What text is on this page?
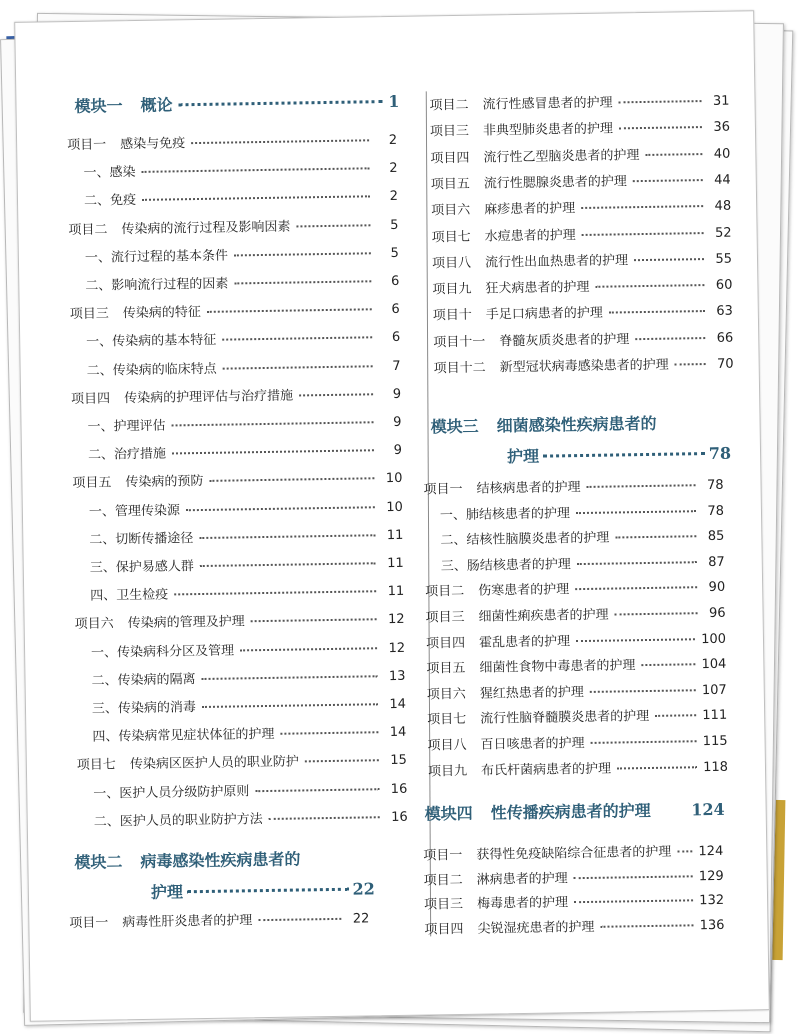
模块一 概论	1
项目一 感染与免疫	2
一、感染	2
二、免疫	2
项目二 传染病的流行过程及影响因素	5
一、流行过程的基本条件	5
二、影响流行过程的因素	6
项目三 传染病的特征	6
一、传染病的基本特征	6
二、传染病的临床特点	7
项目四 传染病的护理评估与治疗措施	9
一、护理评估	9
二、治疗措施	9
项目五 传染病的预防	10
一、管理传染源	10
二、切断传播途径	11
三、保护易感人群	11
四、卫生检疫	11
项目六 传染病的管理及护理	12
一、传染病科分区及管理	12
二、传染病的隔离	13
三、传染病的消毒	14
四、传染病常见症状体征的护理	14
项目七 传染病区医护人员的职业防护	15
一、医护人员分级防护原则	16
二、医护人员的职业防护方法	16
模块二 病毒感染性疾病患者的
护理	22
项目一 病毒性肝炎患者的护理	22
项目二 流行性感冒患者的护理	31
项目三 非典型肺炎患者的护理	36
项目四 流行性乙型脑炎患者的护理	40
项目五 流行性腮腺炎患者的护理	44
项目六 麻疹患者的护理	48
项目七 水痘患者的护理	52
项目八 流行性出血热患者的护理	55
项目九 狂犬病患者的护理	60
项目十 手足口病患者的护理	63
项目十一 脊髓灰质炎患者的护理	66
项目十二 新型冠状病毒感染患者的护理	70
模块三 细菌感染性疾病患者的
护理	78
项目一 结核病患者的护理	78
一、肺结核患者的护理	78
二、结核性脑膜炎患者的护理	85
三、肠结核患者的护理	87
项目二 伤寒患者的护理	90
项目三 细菌性痢疾患者的护理	96
项目四 霍乱患者的护理	100
项目五 细菌性食物中毒患者的护理	104
项目六 猩红热患者的护理	107
项目七 流行性脑脊髓膜炎患者的护理	111
项目八 百日咳患者的护理	115
项目九 布氏杆菌病患者的护理	118
模块四 性传播疾病患者的护理	124
项目一 获得性免疫缺陷综合征患者的护理 124
项目二 淋病患者的护理	129
项目三 梅毒患者的护理	132
项目四 尖锐湿疣患者的护理	136
